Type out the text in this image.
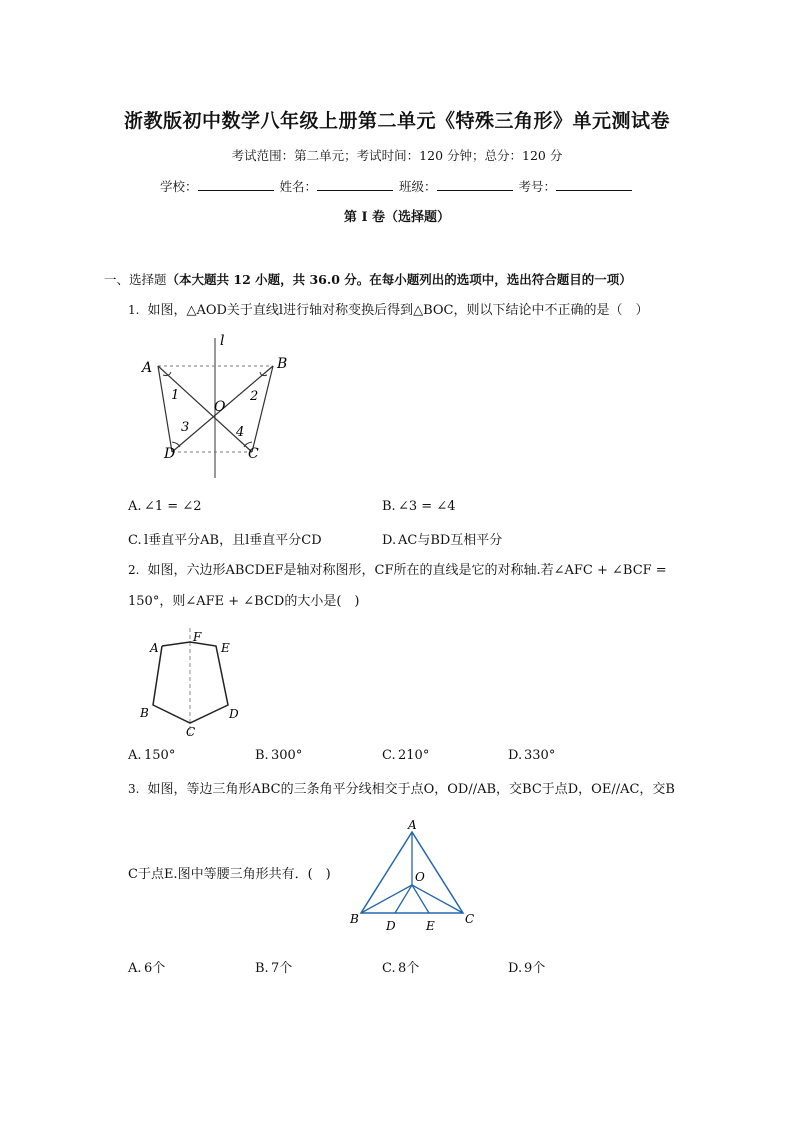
浙教版初中数学八年级上册第二单元《特殊三角形》单元测试卷
考试范围：第二单元；考试时间：120 分钟；总分：120 分
学校：	姓名：	班级：	考号：
第 I 卷（选择题）
一、选择题（本大题共 12 小题，共 36.0 分。在每小题列出的选项中，选出符合题目的一项）
1. 如图，△AOD关于直线l进行轴对称变换后得到△BOC，则以下结论中不正确的是（　）
l
A	B
O
D	C
1	2
3	4
A. ∠1 = ∠2	B. ∠3 = ∠4
C. l垂直平分AB，且l垂直平分CD	D. AC与BD互相平分
2. 如图，六边形ABCDEF是轴对称图形，CF所在的直线是它的对称轴.若∠AFC + ∠BCF =
150°，则∠AFE + ∠BCD的大小是(　)
A
F
E
B
C
D
A. 150°	B. 300°	C. 210°	D. 330°
3. 如图，等边三角形ABC的三条角平分线相交于点O，OD//AB，交BC于点D，OE//AC，交B
C于点E.图中等腰三角形共有．(　)
A
O
B	C
D	E
A. 6个	B. 7个	C. 8个	D. 9个
